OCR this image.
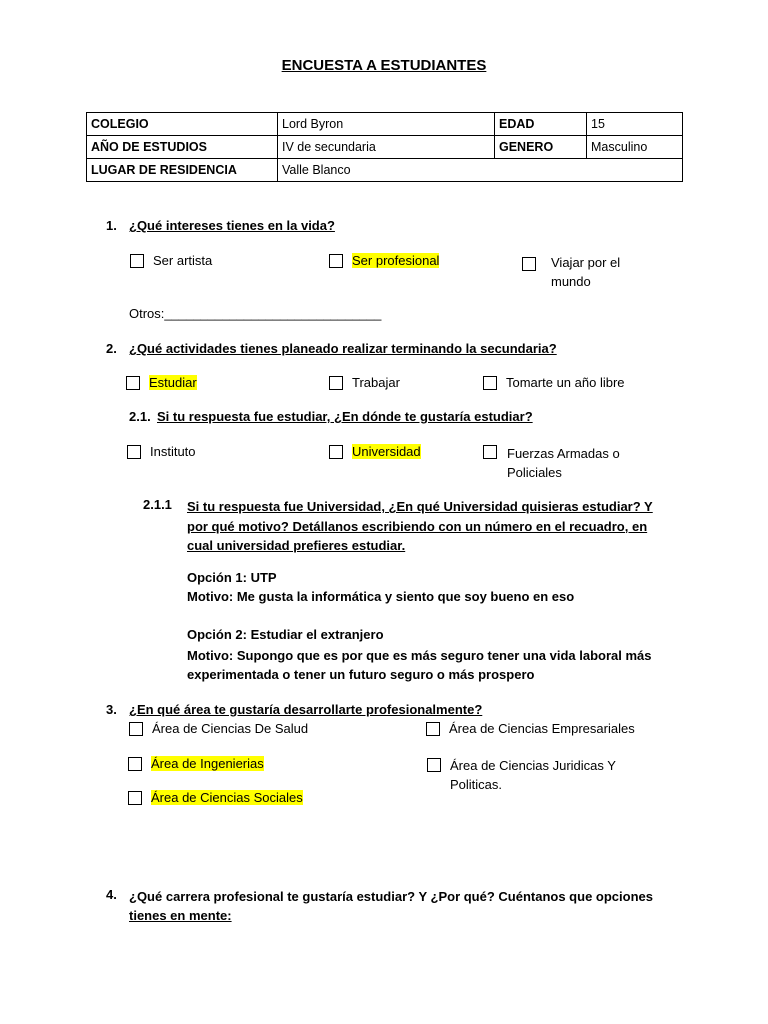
ENCUESTA A ESTUDIANTES
COLEGIO	Lord Byron	EDAD	15
AÑO DE ESTUDIOS	IV de secundaria	GENERO	Masculino
LUGAR DE RESIDENCIA	Valle Blanco		
1. ¿Qué intereses tienes en la vida?
Ser artista	Ser profesional	Viajar por el
mundo
Otros:______________________________
2. ¿Qué actividades tienes planeado realizar terminando la secundaria?
Estudiar	Trabajar	Tomarte un año libre
2.1. Si tu respuesta fue estudiar, ¿En dónde te gustaría estudiar?
Instituto	Universidad	Fuerzas Armadas o
Policiales
2.1.1 Si tu respuesta fue Universidad, ¿En qué Universidad quisieras estudiar? Y
por qué motivo? Detállanos escribiendo con un número en el recuadro, en
cual universidad prefieres estudiar.
Opción 1: UTP
Motivo: Me gusta la informática y siento que soy bueno en eso
Opción 2: Estudiar el extranjero
Motivo: Supongo que es por que es más seguro tener una vida laboral más
experimentada o tener un futuro seguro o más prospero
3. ¿En qué área te gustaría desarrollarte profesionalmente?
Área de Ciencias De Salud	Área de Ciencias Empresariales
Área de Ingenierias	Área de Ciencias Juridicas Y
Politicas.
Área de Ciencias Sociales
4. ¿Qué carrera profesional te gustaría estudiar? Y ¿Por qué? Cuéntanos que opciones
tienes en mente:
